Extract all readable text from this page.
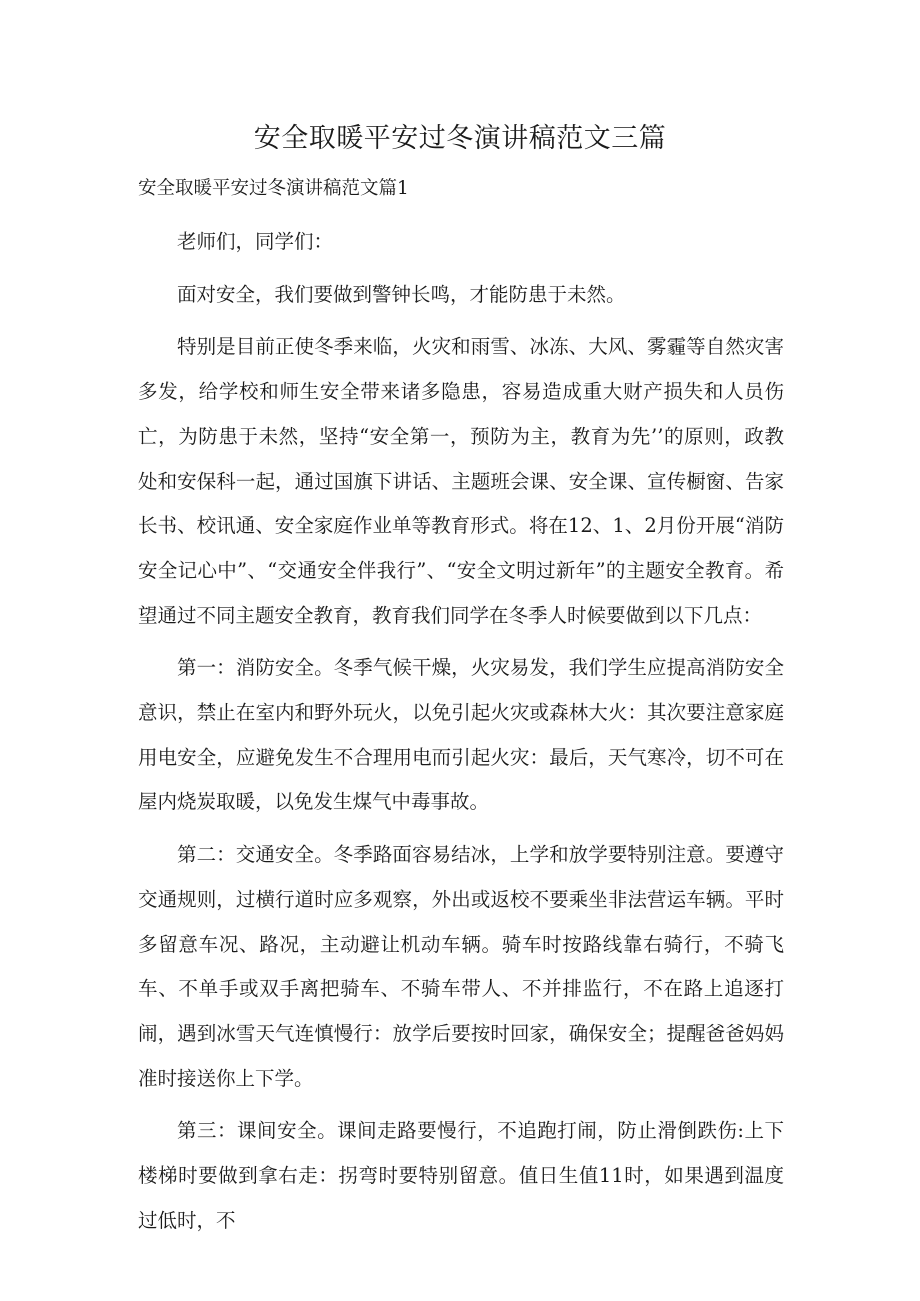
安全取暖平安过冬演讲稿范文三篇
安全取暖平安过冬演讲稿范文篇1

老师们，同学们：

面对安全，我们要做到警钟长鸣，才能防患于未然。

特别是目前正使冬季来临，火灾和雨雪、冰冻、大风、雾霾等自然灾害多发，给学校和师生安全带来诸多隐患，容易造成重大财产损失和人员伤亡，为防患于未然，坚持“安全第一，预防为主，教育为先’’的原则，政教处和安保科一起，通过国旗下讲话、主题班会课、安全课、宣传橱窗、告家长书、校讯通、安全家庭作业单等教育形式。将在12、1、2月份开展“消防安全记心中”、“交通安全伴我行”、“安全文明过新年”的主题安全教育。希望通过不同主题安全教育，教育我们同学在冬季人时候要做到以下几点：

第一：消防安全。冬季气候干燥，火灾易发，我们学生应提高消防安全意识，禁止在室内和野外玩火，以免引起火灾或森林大火：其次要注意家庭用电安全，应避免发生不合理用电而引起火灾：最后，天气寒冷，切不可在屋内烧炭取暖，以免发生煤气中毒事故。

第二：交通安全。冬季路面容易结冰，上学和放学要特别注意。要遵守交通规则，过横行道时应多观察，外出或返校不要乘坐非法营运车辆。平时多留意车况、路况，主动避让机动车辆。骑车时按路线靠右骑行，不骑飞车、不单手或双手离把骑车、不骑车带人、不并排监行，不在路上追逐打闹，遇到冰雪天气连慎慢行：放学后要按时回家，确保安全；提醒爸爸妈妈准时接送你上下学。

第三：课间安全。课间走路要慢行，不追跑打闹，防止滑倒跌伤:上下楼梯时要做到拿右走：拐弯时要特别留意。值日生值11时，如果遇到温度过低时，不
